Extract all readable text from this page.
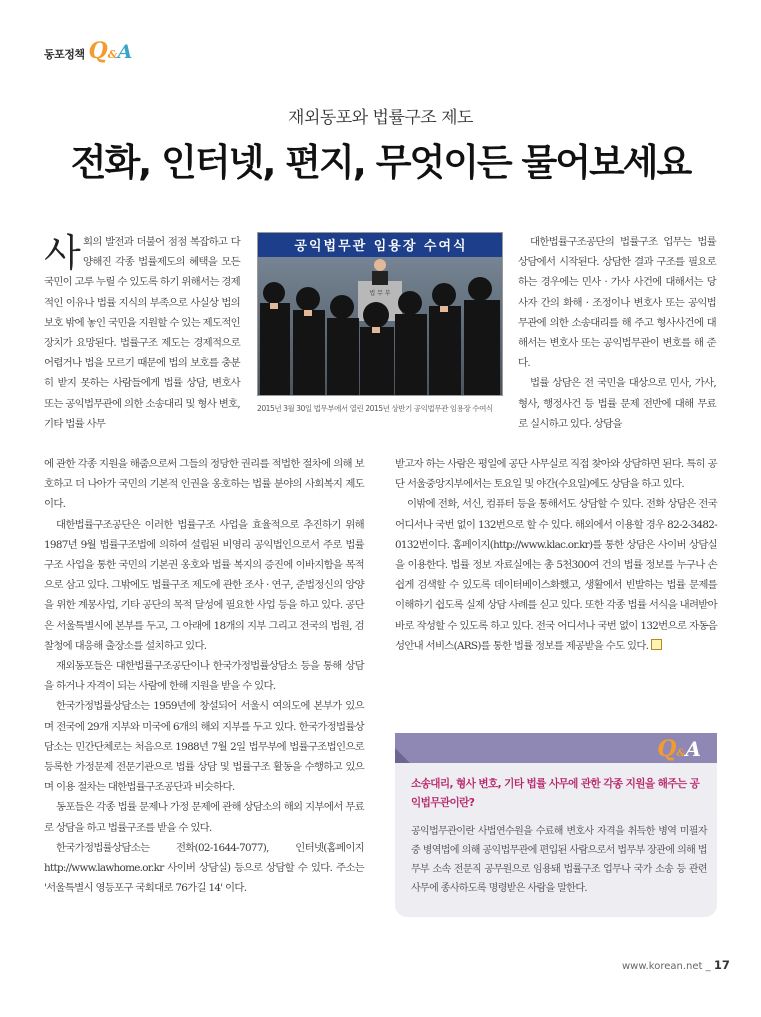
동포정책 Q&A
재외동포와 법률구조 제도
전화, 인터넷, 편지, 무엇이든 물어보세요
사회의 발전과 더불어 점점 복잡하고 다양해진 각종 법률제도의 혜택을 모든 국민이 고루 누릴 수 있도록 하기 위해서는 경제적인 이유나 법률 지식의 부족으로 사실상 법의 보호 밖에 놓인 국민을 지원할 수 있는 제도적인 장치가 요망된다. 법률구조 제도는 경제적으로 어렵거나 법을 모르기 때문에 법의 보호를 충분히 받지 못하는 사람들에게 법률 상담, 변호사 또는 공익법무관에 의한 소송대리 및 형사 변호, 기타 법률 사무
공익법무관 임용장 수여식
법 무 부
2015년 3월 30일 법무부에서 열린 2015년 상반기 공익법무관 임용장 수여식

에 관한 각종 지원을 해줌으로써 그들의 정당한 권리를 적법한 절차에 의해 보호하고 더 나아가 국민의 기본적 인권을 옹호하는 법률 분야의 사회복지 제도이다.

대한법률구조공단은 이러한 법률구조 사업을 효율적으로 추진하기 위해 1987년 9월 법률구조법에 의하여 설립된 비영리 공익법인으로서 주로 법률구조 사업을 통한 국민의 기본권 옹호와 법률 복지의 증진에 이바지함을 목적으로 삼고 있다. 그밖에도 법률구조 제도에 관한 조사 · 연구, 준법정신의 앙양을 위한 계몽사업, 기타 공단의 목적 달성에 필요한 사업 등을 하고 있다. 공단은 서울특별시에 본부를 두고, 그 아래에 18개의 지부 그리고 전국의 법원, 검찰청에 대응해 출장소를 설치하고 있다.

재외동포들은 대한법률구조공단이나 한국가정법률상담소 등을 통해 상담을 하거나 자격이 되는 사람에 한해 지원을 받을 수 있다.

한국가정법률상담소는 1959년에 창설되어 서울시 여의도에 본부가 있으며 전국에 29개 지부와 미국에 6개의 해외 지부를 두고 있다. 한국가정법률상담소는 민간단체로는 처음으로 1988년 7월 2일 법무부에 법률구조법인으로 등록한 가정문제 전문기관으로 법률 상담 및 법률구조 활동을 수행하고 있으며 이용 절차는 대한법률구조공단과 비슷하다.

동포들은 각종 법률 문제나 가정 문제에 관해 상담소의 해외 지부에서 무료로 상담을 하고 법률구조를 받을 수 있다.

한국가정법률상담소는 전화(02-1644-7077), 인터넷(홈페이지 http://www.lawhome.or.kr 사이버 상담실) 등으로 상담할 수 있다. 주소는 '서울특별시 영등포구 국회대로 76가길 14' 이다.

대한법률구조공단의 법률구조 업무는 법률 상담에서 시작된다. 상담한 결과 구조를 필요로 하는 경우에는 민사 · 가사 사건에 대해서는 당사자 간의 화해 · 조정이나 변호사 또는 공익법무관에 의한 소송대리를 해 주고 형사사건에 대해서는 변호사 또는 공익법무관이 변호를 해 준다.

법률 상담은 전 국민을 대상으로 민사, 가사, 형사, 행정사건 등 법률 문제 전반에 대해 무료로 실시하고 있다. 상담을

받고자 하는 사람은 평일에 공단 사무실로 직접 찾아와 상담하면 된다. 특히 공단 서울중앙지부에서는 토요일 및 야간(수요일)에도 상담을 하고 있다.

이밖에 전화, 서신, 컴퓨터 등을 통해서도 상담할 수 있다. 전화 상담은 전국 어디서나 국번 없이 132번으로 할 수 있다. 해외에서 이용할 경우 82-2-3482-0132번이다. 홈페이지(http://www.klac.or.kr)를 통한 상담은 사이버 상담실을 이용한다. 법률 정보 자료실에는 총 5천300여 건의 법률 정보를 누구나 손쉽게 검색할 수 있도록 데이터베이스화했고, 생활에서 빈발하는 법률 문제를 이해하기 쉽도록 실제 상담 사례를 싣고 있다. 또한 각종 법률 서식을 내려받아 바로 작성할 수 있도록 하고 있다. 전국 어디서나 국번 없이 132번으로 자동음성안내 서비스(ARS)를 통한 법률 정보를 제공받을 수도 있다.

Q&A
소송대리, 형사 변호, 기타 법률 사무에 관한 각종 지원을 해주는 공익법무관이란?
공익법무관이란 사법연수원을 수료해 변호사 자격을 취득한 병역 미필자 중 병역법에 의해 공익법무관에 편입된 사람으로서 법무부 장관에 의해 법무부 소속 전문직 공무원으로 임용돼 법률구조 업무나 국가 소송 등 관련 사무에 종사하도록 명령받은 사람을 말한다.
www.korean.net _ 17
